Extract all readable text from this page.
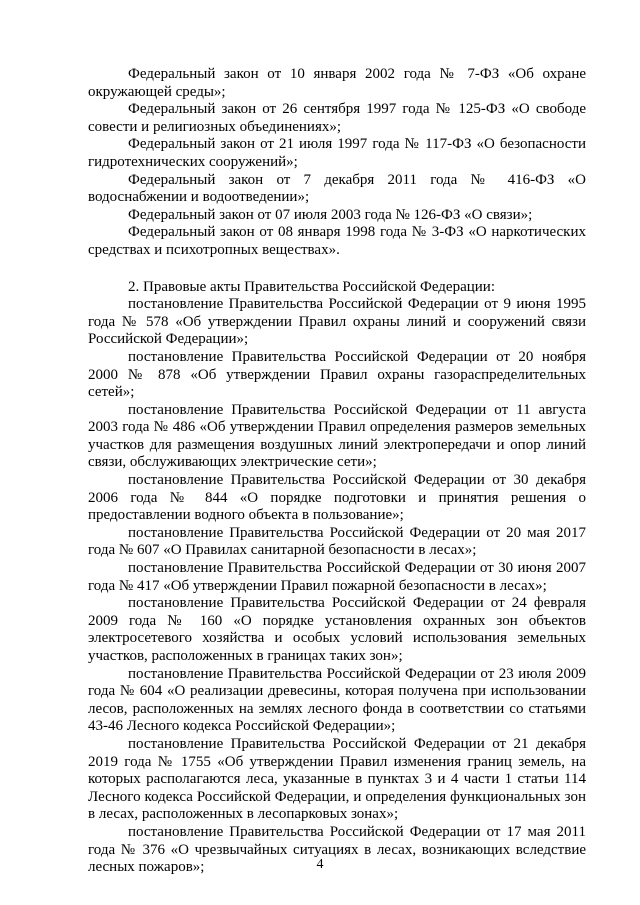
Федеральный закон от 10 января 2002 года № 7-ФЗ «Об охране окружающей среды»;

Федеральный закон от 26 сентября 1997 года № 125-ФЗ «О свободе совести и религиозных объединениях»;

Федеральный закон от 21 июля 1997 года № 117-ФЗ «О безопасности гидротехнических сооружений»;

Федеральный закон от 7 декабря 2011 года № 416-ФЗ «О водоснабжении и водоотведении»;

Федеральный закон от 07 июля 2003 года № 126-ФЗ «О связи»;

Федеральный закон от 08 января 1998 года № 3-ФЗ «О наркотических средствах и психотропных веществах».

2. Правовые акты Правительства Российской Федерации:

постановление Правительства Российской Федерации от 9 июня 1995 года № 578 «Об утверждении Правил охраны линий и сооружений связи Российской Федерации»;

постановление Правительства Российской Федерации от 20 ноября 2000 № 878 «Об утверждении Правил охраны газораспределительных сетей»;

постановление Правительства Российской Федерации от 11 августа 2003 года № 486 «Об утверждении Правил определения размеров земельных участков для размещения воздушных линий электропередачи и опор линий связи, обслуживающих электрические сети»;

постановление Правительства Российской Федерации от 30 декабря 2006 года № 844 «О порядке подготовки и принятия решения о предоставлении водного объекта в пользование»;

постановление Правительства Российской Федерации от 20 мая 2017 года № 607 «О Правилах санитарной безопасности в лесах»;

постановление Правительства Российской Федерации от 30 июня 2007 года № 417 «Об утверждении Правил пожарной безопасности в лесах»;

постановление Правительства Российской Федерации от 24 февраля 2009 года № 160 «О порядке установления охранных зон объектов электросетевого хозяйства и особых условий использования земельных участков, расположенных в границах таких зон»;

постановление Правительства Российской Федерации от 23 июля 2009 года № 604 «О реализации древесины, которая получена при использовании лесов, расположенных на землях лесного фонда в соответствии со статьями 43-46 Лесного кодекса Российской Федерации»;

постановление Правительства Российской Федерации от 21 декабря 2019 года № 1755 «Об утверждении Правил изменения границ земель, на которых располагаются леса, указанные в пунктах 3 и 4 части 1 статьи 114 Лесного кодекса Российской Федерации, и определения функциональных зон в лесах, расположенных в лесопарковых зонах»;

постановление Правительства Российской Федерации от 17 мая 2011 года № 376 «О чрезвычайных ситуациях в лесах, возникающих вследствие лесных пожаров»;	4
